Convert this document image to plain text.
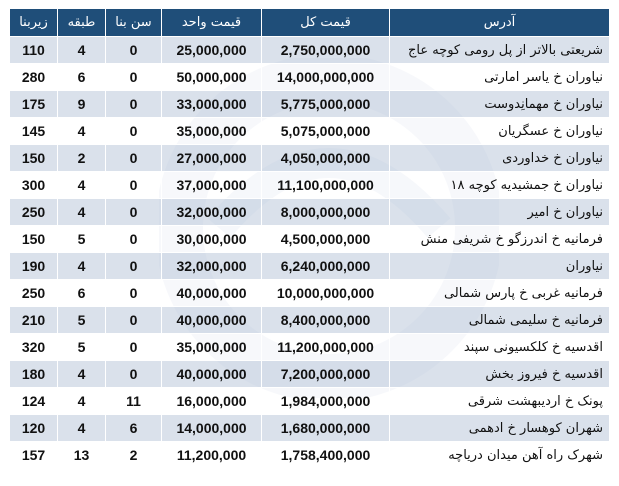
آدرس	قیمت کل	قیمت واحد	سن بنا	طبقه	زیربنا
شریعتی بالاتر از پل رومی کوچه عاج	2,750,000,000	25,000,000	0	4	110
نیاوران خ یاسر امارتی	14,000,000,000	50,000,000	0	6	280
نیاوران خ مهمانِدوست	5,775,000,000	33,000,000	0	9	175
نیاوران خ عسگریان	5,075,000,000	35,000,000	0	4	145
نیاوران خ خداوردی	4,050,000,000	27,000,000	0	2	150
نیاوران خ جمشیدیه کوچه ۱۸	11,100,000,000	37,000,000	0	4	300
نیاوران خ امیر	8,000,000,000	32,000,000	0	4	250
فرمانیه خ اندرزگو خ شریفی منش	4,500,000,000	30,000,000	0	5	150
نیاوران	6,240,000,000	32,000,000	0	4	190
فرمانیه غربی خ پارس شمالی	10,000,000,000	40,000,000	0	6	250
فرمانیه خ سلیمی شمالی	8,400,000,000	40,000,000	0	5	210
اقدسیه خ کلکسیونی سپند	11,200,000,000	35,000,000	0	5	320
اقدسیه خ فیروز بخش	7,200,000,000	40,000,000	0	4	180
پونک خ اردیبهشت شرقی	1,984,000,000	16,000,000	11	4	124
شهران کوهسار خ ادهمی	1,680,000,000	14,000,000	6	4	120
شهرک راه آهن میدان دریاچه	1,758,400,000	11,200,000	2	13	157
